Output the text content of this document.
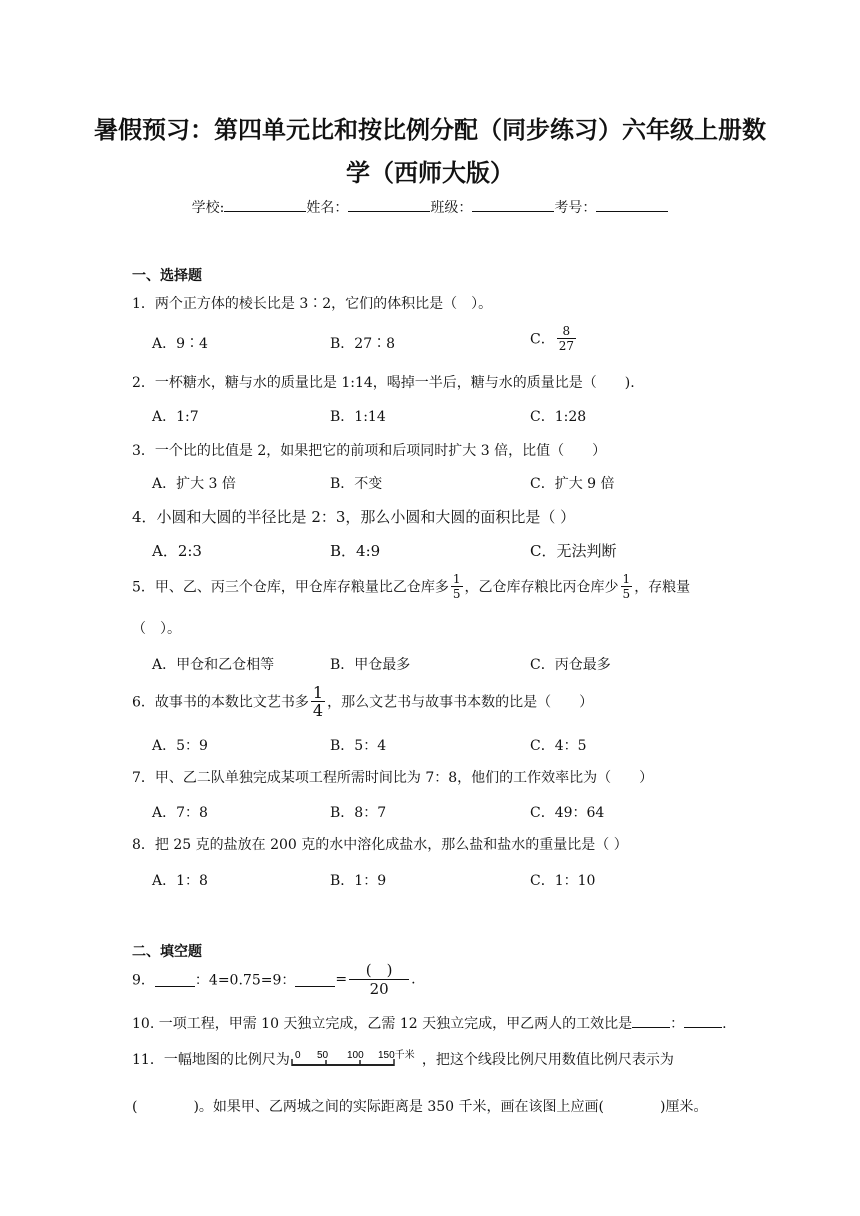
暑假预习：第四单元比和按比例分配（同步练习）六年级上册数
学（西师大版）
学校:	姓名：	班级：	考号：
一、选择题
1．两个正方体的棱长比是 3∶2，它们的体积比是（　）。
A．9∶4	B．27∶8	C． $\frac{8}{27}$
2．一杯糖水，糖与水的质量比是 1:14，喝掉一半后，糖与水的质量比是（　　).
A．1:7	B．1:14	C．1:28
3．一个比的比值是 2，如果把它的前项和后项同时扩大 3 倍，比值（　　）
A．扩大 3 倍	B．不变	C．扩大 9 倍
4．小圆和大圆的半径比是 2：3，那么小圆和大圆的面积比是（ ）
A．2:3	B．4:9	C．无法判断
5．甲、乙、丙三个仓库，甲仓库存粮量比乙仓库多 $\frac{1}{5}$ ，乙仓库存粮比丙仓库少 $\frac{1}{5}$ ，存粮量
（　）。
A．甲仓和乙仓相等	B．甲仓最多	C．丙仓最多
6．故事书的本数比文艺书多 $\frac{1}{4}$ ，那么文艺书与故事书本数的比是（　　）
A．5：9	B．5：4	C．4：5
7．甲、乙二队单独完成某项工程所需时间比为 7：8，他们的工作效率比为（　　）
A．7：8	B．8：7	C．49：64
8．把 25 克的盐放在 200 克的水中溶化成盐水，那么盐和盐水的重量比是（ ）
A．1：8	B．1：9	C．1：10
二、填空题
9．	：4=0.75=9：	= $\frac{( )}{20}$ .
10. 一项工程，甲需 10 天独立完成，乙需 12 天独立完成，甲乙两人的工效比是	：	.
11．一幅地图的比例尺为 0 50 100 150千米 ，把这个线段比例尺用数值比例尺表示为
(　　　　)。如果甲、乙两城之间的实际距离是 350 千米，画在该图上应画(　　　　)厘米。
